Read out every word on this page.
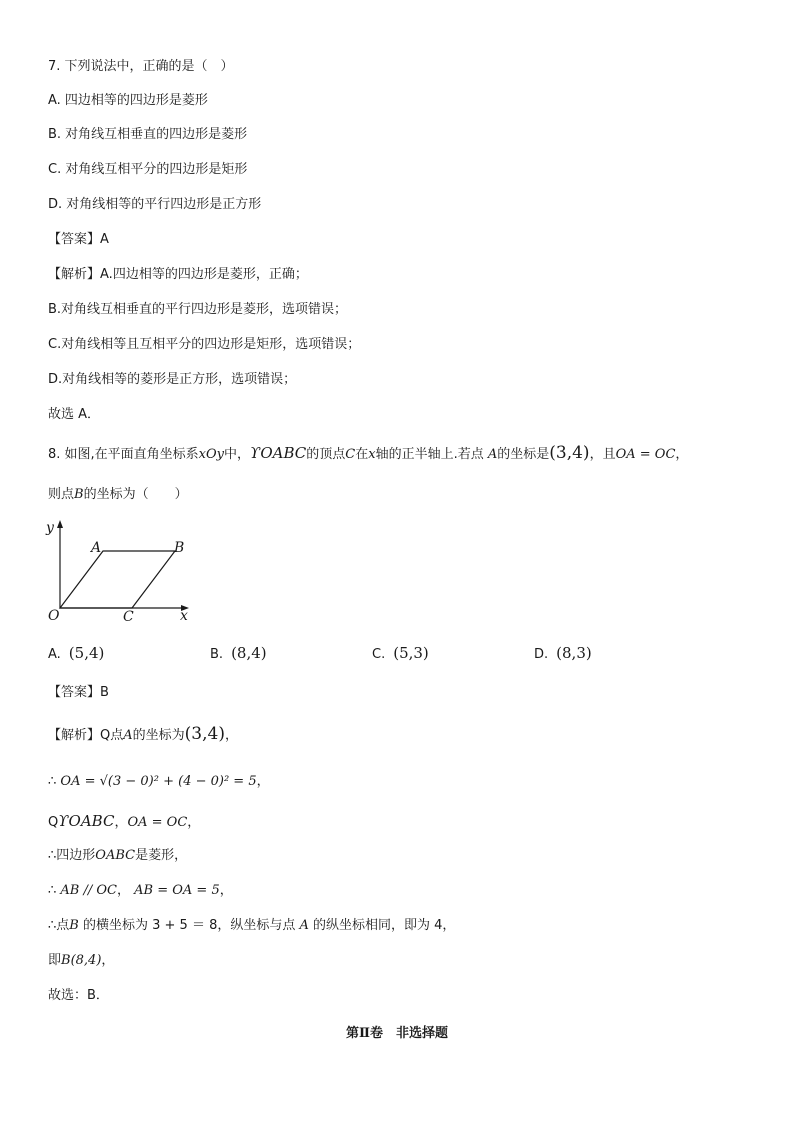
7. 下列说法中，正确的是（　）
A. 四边相等的四边形是菱形
B. 对角线互相垂直的四边形是菱形
C. 对角线互相平分的四边形是矩形
D. 对角线相等的平行四边形是正方形
【答案】A
【解析】A.四边相等的四边形是菱形，正确；
B.对角线互相垂直的平行四边形是菱形，选项错误；
C.对角线相等且互相平分的四边形是矩形，选项错误；
D.对角线相等的菱形是正方形，选项错误；
故选 A．
8. 如图,在平面直角坐标系xOy中，ϒOABC的顶点C在x轴的正半轴上.若点 A的坐标是(3,4)，且OA = OC，
则点B的坐标为（　　）
y
x
O
A	B
C
A. (5,4)	B. (8,4)	C. (5,3)	D. (8,3)
【答案】B
【解析】Q点A的坐标为(3,4)，
∴ OA = √(3 − 0)² + (4 − 0)² = 5，
QϒOABC，OA = OC，
∴四边形OABC是菱形，
∴ AB // OC， AB = OA = 5，
∴点B 的横坐标为 3 + 5 ＝ 8，纵坐标与点 A 的纵坐标相同，即为 4，
即B(8,4)，
故选：B．
第Ⅱ卷　非选择题
